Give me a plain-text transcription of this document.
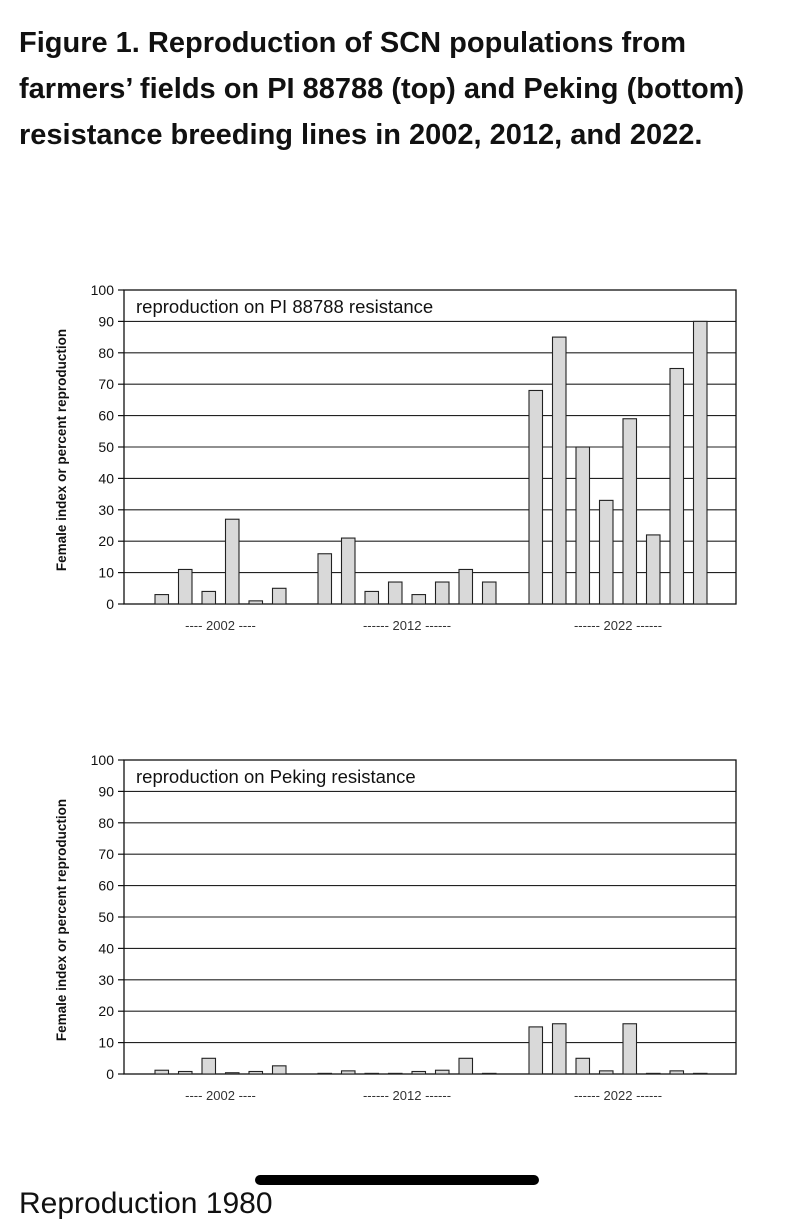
Figure 1. Reproduction of SCN populations from farmers’ fields on PI 88788 (top) and Peking (bottom) resistance breeding lines in 2002, 2012, and 2022.
0
10
20
30
40
50
60
70
80
90
100
Female index or percent reproduction
reproduction on PI 88788 resistance
---- 2002 ----	------ 2012 ------	------ 2022 ------
0
10
20
30
40
50
60
70
80
90
100
Female index or percent reproduction
reproduction on Peking resistance
---- 2002 ----	------ 2012 ------	------ 2022 ------
Reproduction 1980
